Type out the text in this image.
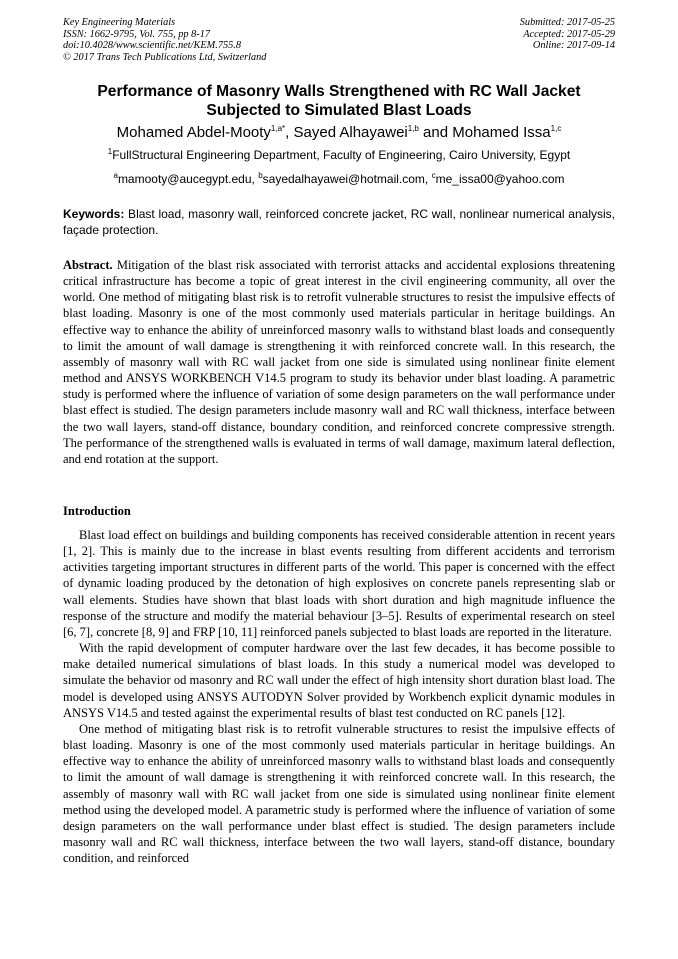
Key Engineering Materials
ISSN: 1662-9795, Vol. 755, pp 8-17
doi:10.4028/www.scientific.net/KEM.755.8
© 2017 Trans Tech Publications Ltd, Switzerland
Submitted: 2017-05-25
Accepted: 2017-05-29
Online: 2017-09-14
Performance of Masonry Walls Strengthened with RC Wall Jacket
Subjected to Simulated Blast Loads
Mohamed Abdel-Mooty$^{1,a*}$, Sayed Alhayawei$^{1,b}$ and Mohamed Issa$^{1,c}$
$^1$FullStructural Engineering Department, Faculty of Engineering, Cairo University, Egypt
$^a$mamooty@aucegypt.edu, $^b$sayedalhayawei@hotmail.com, $^c$me_issa00@yahoo.com
Keywords: Blast load, masonry wall, reinforced concrete jacket, RC wall, nonlinear numerical analysis, façade protection.
Abstract. Mitigation of the blast risk associated with terrorist attacks and accidental explosions threatening critical infrastructure has become a topic of great interest in the civil engineering community, all over the world. One method of mitigating blast risk is to retrofit vulnerable structures to resist the impulsive effects of blast loading. Masonry is one of the most commonly used materials particular in heritage buildings. An effective way to enhance the ability of unreinforced masonry walls to withstand blast loads and consequently to limit the amount of wall damage is strengthening it with reinforced concrete wall. In this research, the assembly of masonry wall with RC wall jacket from one side is simulated using nonlinear finite element method and ANSYS WORKBENCH V14.5 program to study its behavior under blast loading. A parametric study is performed where the influence of variation of some design parameters on the wall performance under blast effect is studied. The design parameters include masonry wall and RC wall thickness, interface between the two wall layers, stand-off distance, boundary condition, and reinforced concrete compressive strength. The performance of the strengthened walls is evaluated in terms of wall damage, maximum lateral deflection, and end rotation at the support.
Introduction

Blast load effect on buildings and building components has received considerable attention in recent years [1, 2]. This is mainly due to the increase in blast events resulting from different accidents and terrorism activities targeting important structures in different parts of the world. This paper is concerned with the effect of dynamic loading produced by the detonation of high explosives on concrete panels representing slab or wall elements. Studies have shown that blast loads with short duration and high magnitude influence the response of the structure and modify the material behaviour [3–5]. Results of experimental research on steel [6, 7], concrete [8, 9] and FRP [10, 11] reinforced panels subjected to blast loads are reported in the literature.

With the rapid development of computer hardware over the last few decades, it has become possible to make detailed numerical simulations of blast loads. In this study a numerical model was developed to simulate the behavior od masonry and RC wall under the effect of high intensity short duration blast load. The model is developed using ANSYS AUTODYN Solver provided by Workbench explicit dynamic modules in ANSYS V14.5 and tested against the experimental results of blast test conducted on RC panels [12].

One method of mitigating blast risk is to retrofit vulnerable structures to resist the impulsive effects of blast loading. Masonry is one of the most commonly used materials particular in heritage buildings. An effective way to enhance the ability of unreinforced masonry walls to withstand blast loads and consequently to limit the amount of wall damage is strengthening it with reinforced concrete wall. In this research, the assembly of masonry wall with RC wall jacket from one side is simulated using nonlinear finite element method using the developed model. A parametric study is performed where the influence of variation of some design parameters on the wall performance under blast effect is studied. The design parameters include masonry wall and RC wall thickness, interface between the two wall layers, stand-off distance, boundary condition, and reinforced
